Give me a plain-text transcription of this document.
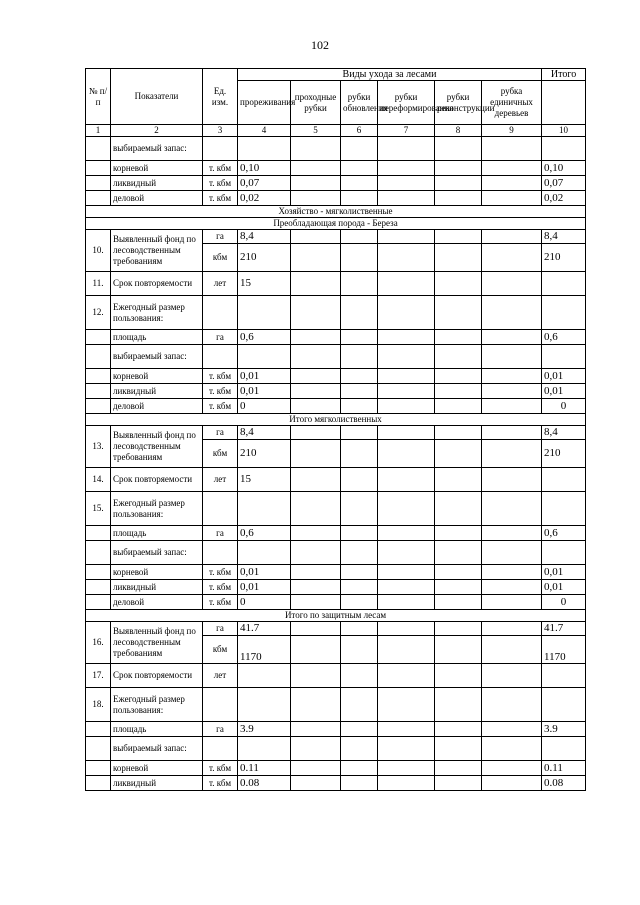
102
№ п/п	Показатели	Ед. изм.	Виды ухода за лесами						Итого
			прореживания	проходные рубки	рубки обновления	рубки переформирования	рубки реконструкции	рубка единичных деревьев	
1	2	3	4	5	6	7	8	9	10
	выбираемый запас:								
	корневой	т. кбм	0,10						0,10
	ликвидный	т. кбм	0,07						0,07
	деловой	т. кбм	0,02						0,02
Хозяйство - мягколиственные									
Преобладающая порода - Береза									
10.	Выявленный фонд по лесоводственным требованиям	га	8,4						8,4
		кбм	210						210
11.	Срок повторяемости	лет	15						
12.	Ежегодный размер пользования:								
	площадь	га	0,6						0,6
	выбираемый запас:								
	корневой	т. кбм	0,01						0,01
	ликвидный	т. кбм	0,01						0,01
	деловой	т. кбм	0						0
Итого мягколиственных									
13.	Выявленный фонд по лесоводственным требованиям	га	8,4						8,4
		кбм	210						210
14.	Срок повторяемости	лет	15						
15.	Ежегодный размер пользования:								
	площадь	га	0,6						0,6
	выбираемый запас:								
	корневой	т. кбм	0,01						0,01
	ликвидный	т. кбм	0,01						0,01
	деловой	т. кбм	0						0
Итого по защитным лесам									
16.	Выявленный фонд по лесоводственным требованиям	га	41.7						41.7
		кбм	1170						1170
17.	Срок повторяемости	лет							
18.	Ежегодный размер пользования:								
	площадь	га	3.9						3.9
	выбираемый запас:								
	корневой	т. кбм	0.11						0.11
	ликвидный	т. кбм	0.08						0.08
